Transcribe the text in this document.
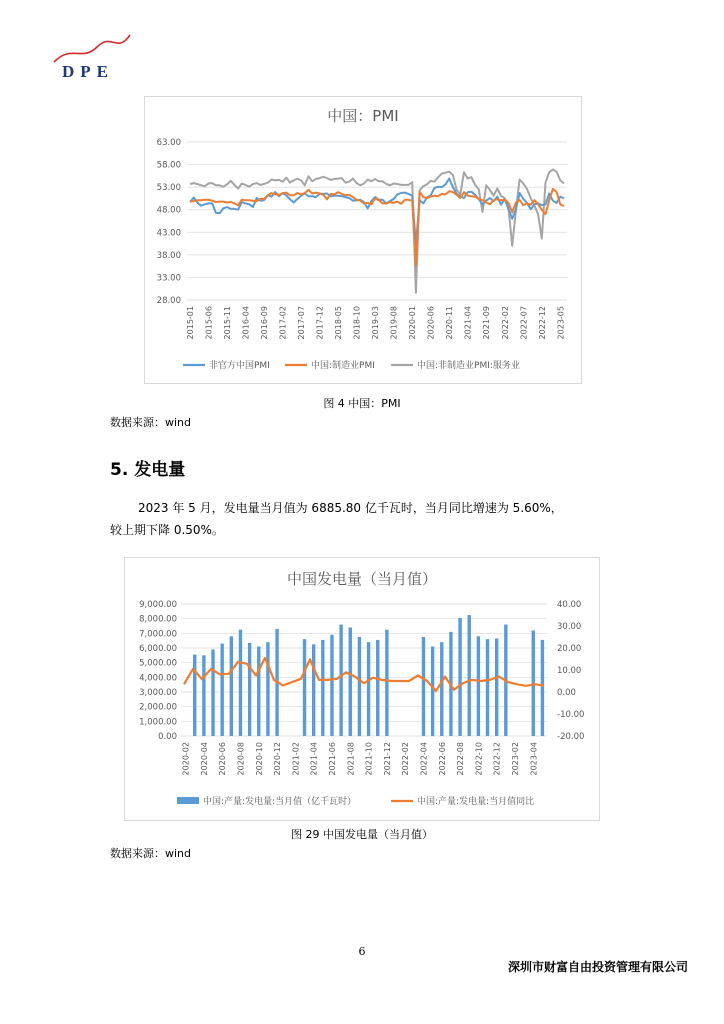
DPE
中国：PMI
63.00
58.00
53.00
48.00
43.00
38.00
33.00
28.00
2015-01 2015-06 2015-11 2016-04 2016-09 2017-02 2017-07 2017-12 2018-05 2018-10 2019-03 2019-08 2020-01 2020-06 2020-11 2021-04 2021-09 2022-02 2022-07 2022-12 2023-05
非官方中国PMI	中国:制造业PMI	中国:非制造业PMI:服务业
图 4 中国：PMI
数据来源：wind
5. 发电量
2023 年 5 月，发电量当月值为 6885.80 亿千瓦时，当月同比增速为 5.60%，
较上期下降 0.50%。
中国发电量（当月值）
9,000.00
8,000.00
7,000.00
6,000.00
5,000.00
4,000.00
3,000.00
2,000.00
1,000.00
0.00
40.00
30.00
20.00
10.00
0.00
-10.00
-20.00
2020-02 2020-04 2020-06 2020-08 2020-10 2020-12 2021-02 2021-04 2021-06 2021-08 2021-10 2021-12 2022-02 2022-04 2022-06 2022-08 2022-10 2022-12 2023-02 2023-04
中国:产量:发电量:当月值（亿千瓦时）	中国:产量:发电量:当月值同比
图 29 中国发电量（当月值）
数据来源：wind
6
深圳市财富自由投资管理有限公司
